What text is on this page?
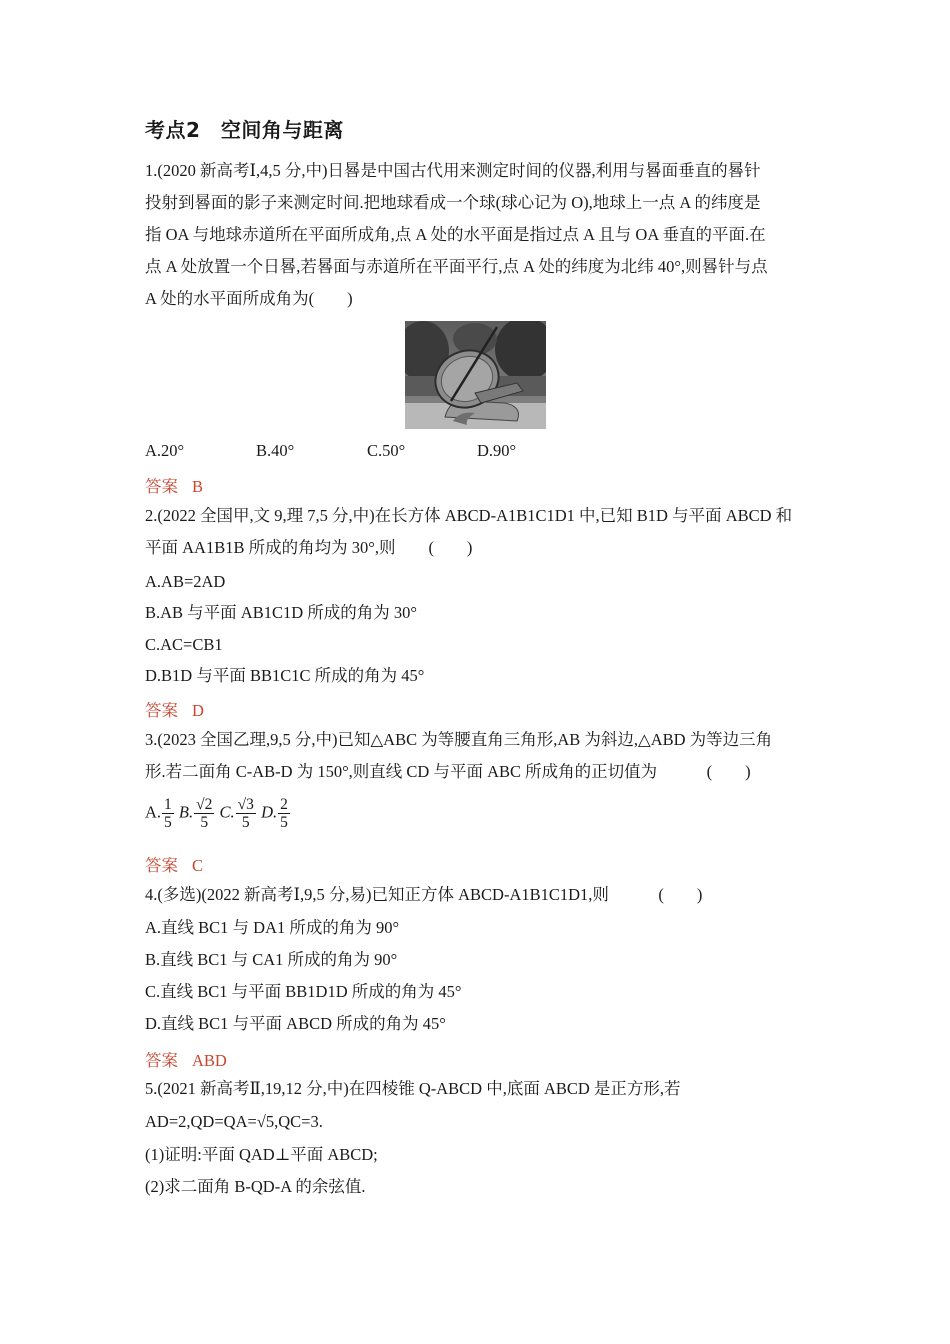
考点2　空间角与距离
1.(2020 新高考Ⅰ,4,5 分,中)日晷是中国古代用来测定时间的仪器,利用与晷面垂直的晷针
投射到晷面的影子来测定时间.把地球看成一个球(球心记为 O),地球上一点 A 的纬度是
指 OA 与地球赤道所在平面所成角,点 A 处的水平面是指过点 A 且与 OA 垂直的平面.在
点 A 处放置一个日晷,若晷面与赤道所在平面平行,点 A 处的纬度为北纬 40°,则晷针与点
A 处的水平面所成角为(　　)
A.20°	B.40°	C.50°	D.90°
答案 B
2.(2022 全国甲,文 9,理 7,5 分,中)在长方体 ABCD-A1B1C1D1 中,已知 B1D 与平面 ABCD 和
平面 AA1B1B 所成的角均为 30°,则　　(　　)
A.AB=2AD
B.AB 与平面 AB1C1D 所成的角为 30°
C.AC=CB1
D.B1D 与平面 BB1C1C 所成的角为 45°
答案 D
3.(2023 全国乙理,9,5 分,中)已知△ABC 为等腰直角三角形,AB 为斜边,△ABD 为等边三角
形.若二面角 C-AB-D 为 150°,则直线 CD 与平面 ABC 所成角的正切值为　　　(　　)
A. $\frac{1}{5} B$. $\frac{√2}{5} C$. $\frac{√3}{5} D$. $\frac{2}{5}$
答案 C
4.(多选)(2022 新高考Ⅰ,9,5 分,易)已知正方体 ABCD-A1B1C1D1,则　　　(　　)
A.直线 BC1 与 DA1 所成的角为 90°
B.直线 BC1 与 CA1 所成的角为 90°
C.直线 BC1 与平面 BB1D1D 所成的角为 45°
D.直线 BC1 与平面 ABCD 所成的角为 45°
答案 ABD
5.(2021 新高考Ⅱ,19,12 分,中)在四棱锥 Q-ABCD 中,底面 ABCD 是正方形,若
AD=2,QD=QA=√5,QC=3.
(1)证明:平面 QAD⊥平面 ABCD;
(2)求二面角 B-QD-A 的余弦值.
